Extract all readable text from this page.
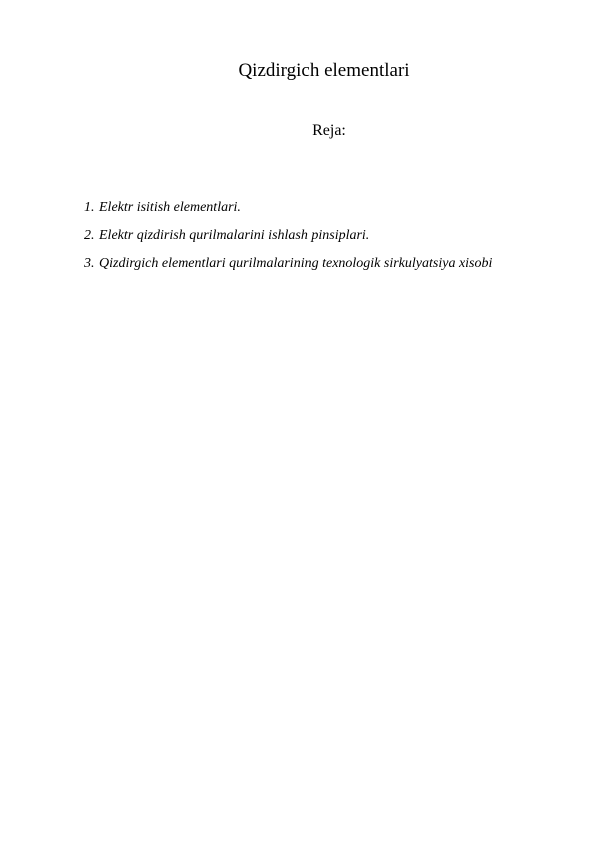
Qizdirgich elementlari
Reja:
1. Elektr isitish elementlari.
2. Elektr qizdirish qurilmalarini ishlash pinsiplari.
3. Qizdirgich elementlari qurilmalarining texnologik sirkulyatsiya xisobi
